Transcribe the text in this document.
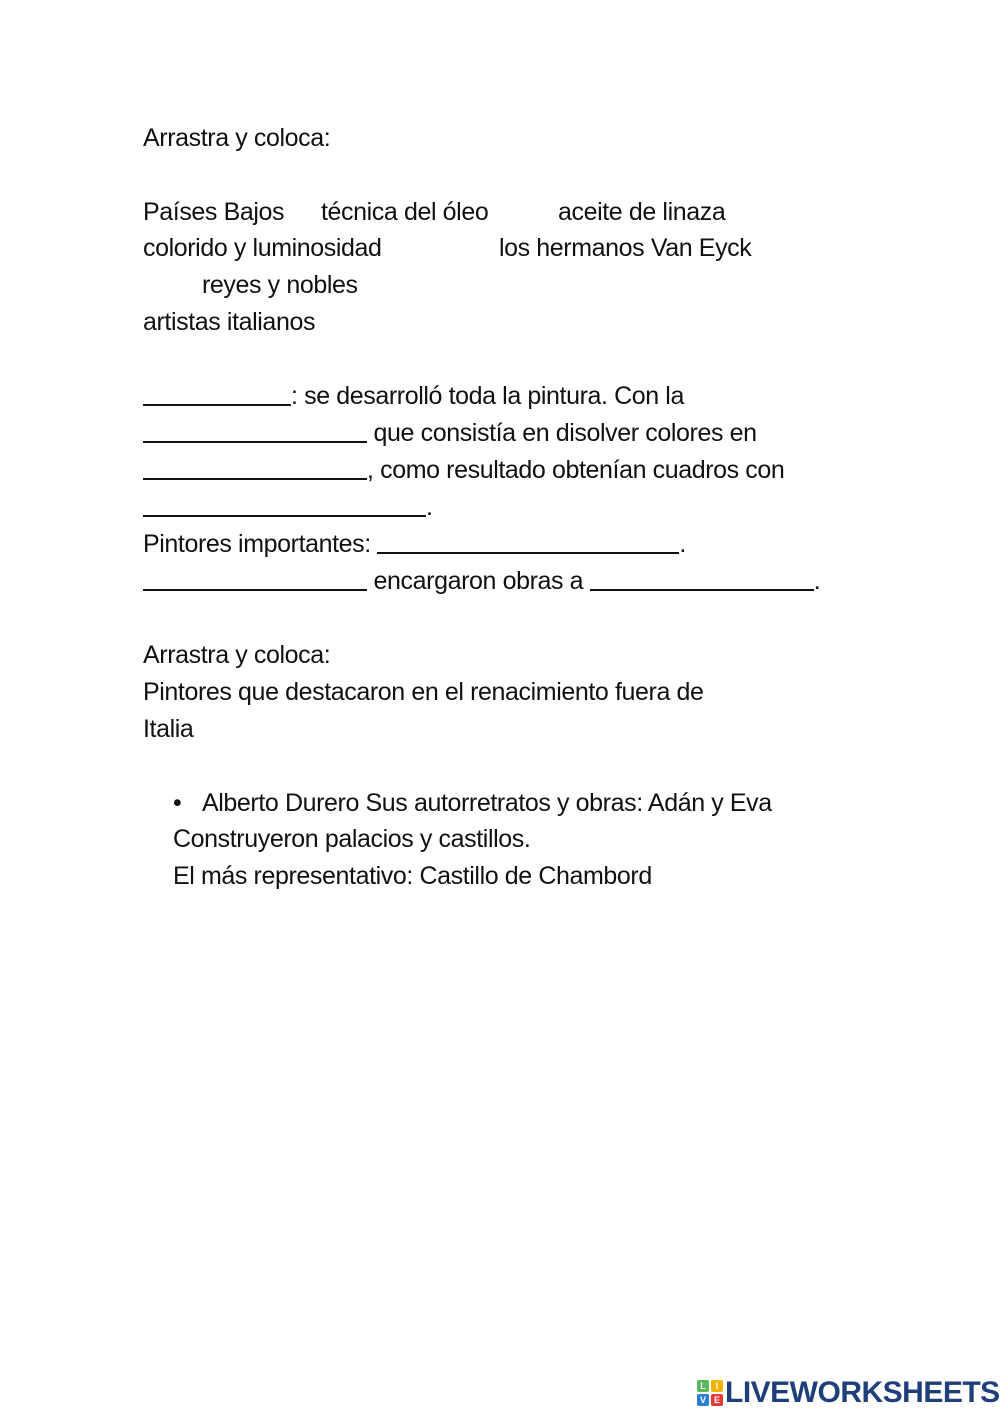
Arrastra y coloca:
Países Bajos técnica del óleo	aceite de linaza
colorido y luminosidad	los hermanos Van Eyck
reyes y nobles
artistas italianos
: se desarrolló toda la pintura. Con la
que consistía en disolver colores en
, como resultado obtenían cuadros con
.
Pintores importantes:	.
encargaron obras a	.
Arrastra y coloca:
Pintores que destacaron en el renacimiento fuera de
Italia
• Alberto Durero Sus autorretratos y obras: Adán y Eva
Construyeron palacios y castillos.
El más representativo: Castillo de Chambord
L	I
V E LIVEWORKSHEETS
